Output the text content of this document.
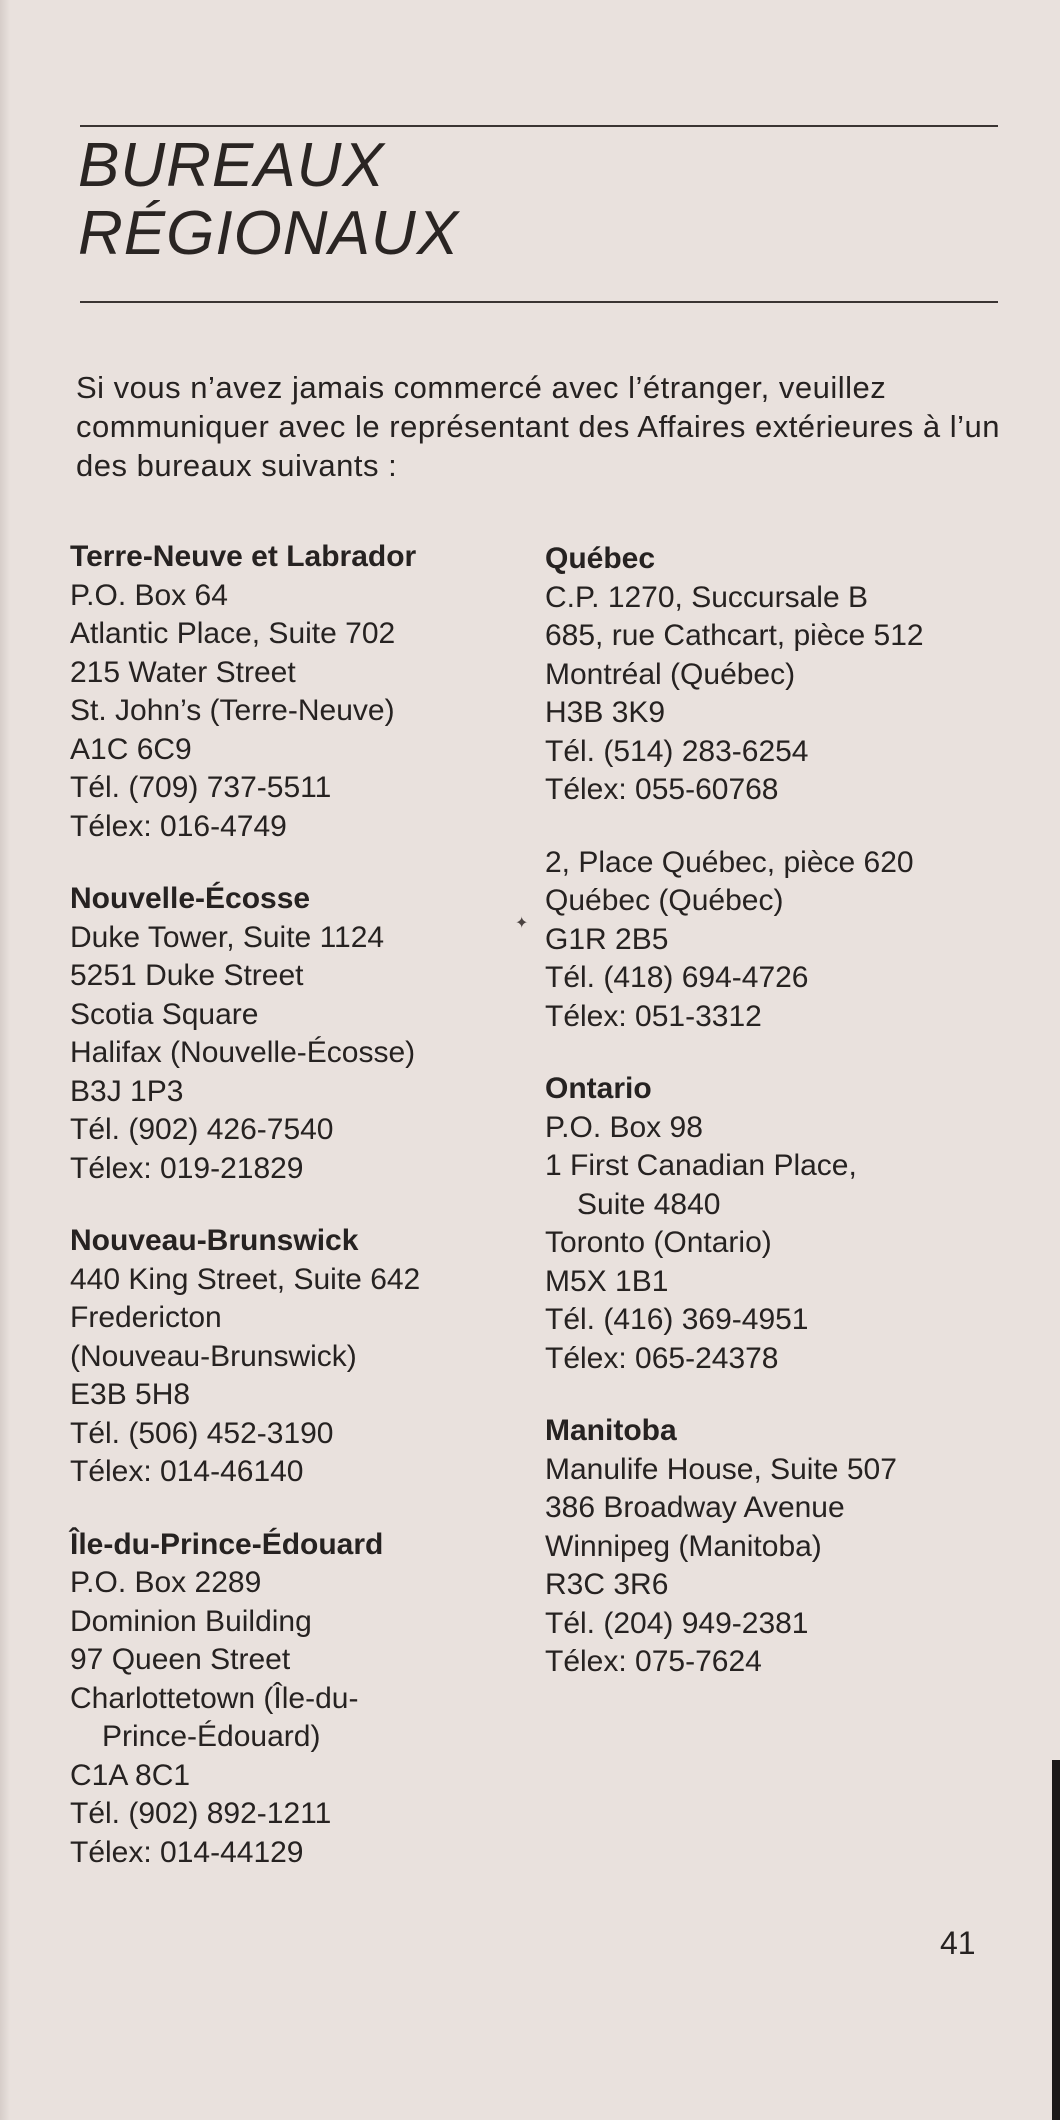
BUREAUX
RÉGIONAUX
Si vous n’avez jamais commercé avec l’étranger, veuillez communiquer avec le représentant des Affaires extérieures à l’un des bureaux suivants :
Terre-Neuve et Labrador
P.O. Box 64
Atlantic Place, Suite 702
215 Water Street
St. John’s (Terre-Neuve)
A1C 6C9
Tél. (709) 737-5511
Télex: 016-4749
Nouvelle-Écosse
Duke Tower, Suite 1124
5251 Duke Street
Scotia Square
Halifax (Nouvelle-Écosse)
B3J 1P3
Tél. (902) 426-7540
Télex: 019-21829
Nouveau-Brunswick
440 King Street, Suite 642
Fredericton
(Nouveau-Brunswick)
E3B 5H8
Tél. (506) 452-3190
Télex: 014-46140
Île-du-Prince-Édouard
P.O. Box 2289
Dominion Building
97 Queen Street
Charlottetown (Île-du-
Prince-Édouard)
C1A 8C1
Tél. (902) 892-1211
Télex: 014-44129
Québec
C.P. 1270, Succursale B
685, rue Cathcart, pièce 512
Montréal (Québec)
H3B 3K9
Tél. (514) 283-6254
Télex: 055-60768
2, Place Québec, pièce 620
Québec (Québec)
G1R 2B5
Tél. (418) 694-4726
Télex: 051-3312
Ontario
P.O. Box 98
1 First Canadian Place,
Suite 4840
Toronto (Ontario)
M5X 1B1
Tél. (416) 369-4951
Télex: 065-24378
Manitoba
Manulife House, Suite 507
386 Broadway Avenue
Winnipeg (Manitoba)
R3C 3R6
Tél. (204) 949-2381
Télex: 075-7624
✦
41
